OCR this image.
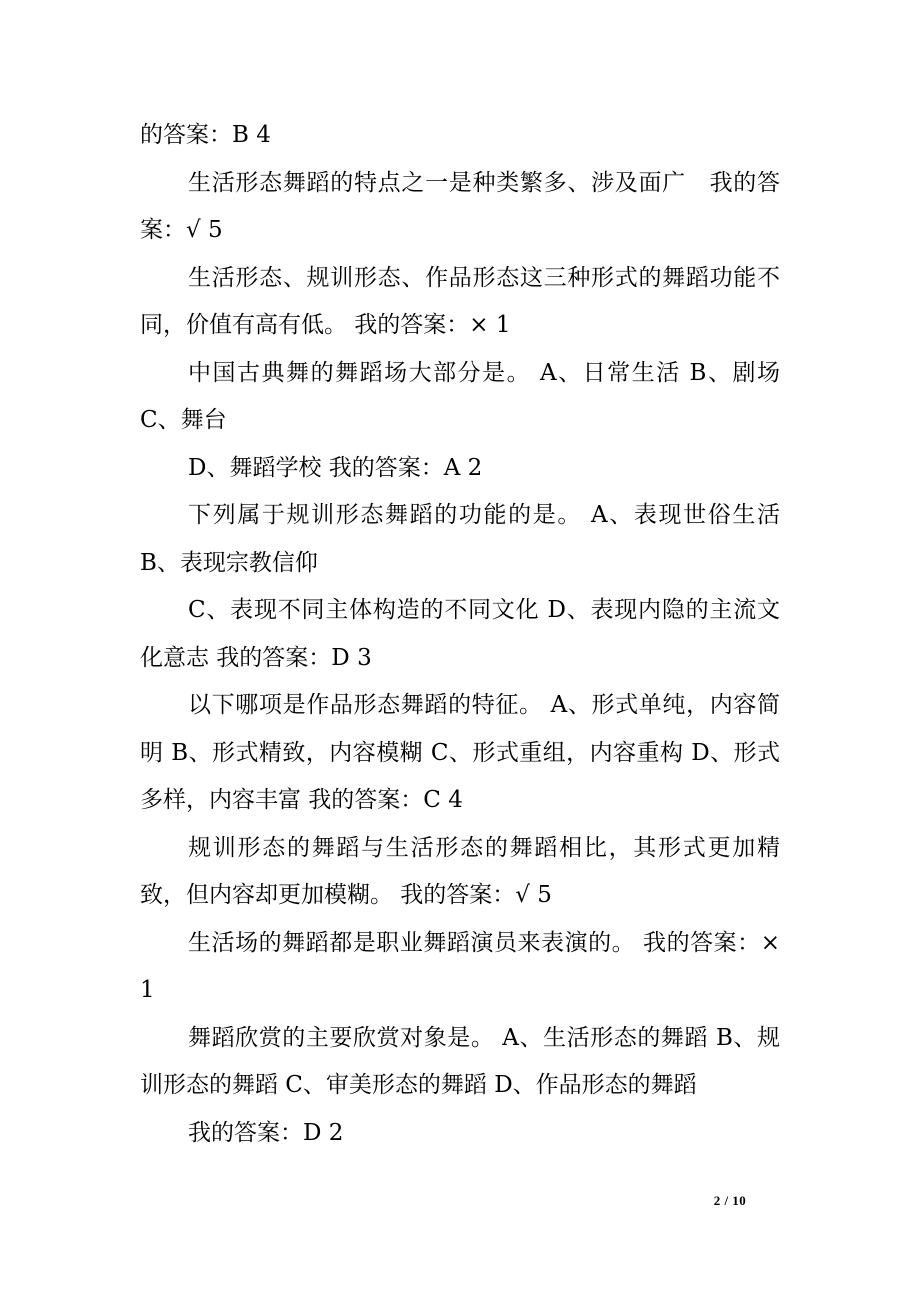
的答案：B 4

生活形态舞蹈的特点之一是种类繁多、涉及面广　我的答案：√ 5

生活形态、规训形态、作品形态这三种形式的舞蹈功能不同，价值有高有低。 我的答案：× 1

中国古典舞的舞蹈场大部分是。 A、日常生活 B、剧场 C、舞台

D、舞蹈学校 我的答案：A 2

下列属于规训形态舞蹈的功能的是。 A、表现世俗生活 B、表现宗教信仰

C、表现不同主体构造的不同文化 D、表现内隐的主流文化意志 我的答案：D 3

以下哪项是作品形态舞蹈的特征。 A、形式单纯，内容简明 B、形式精致，内容模糊 C、形式重组，内容重构 D、形式多样，内容丰富 我的答案：C 4

规训形态的舞蹈与生活形态的舞蹈相比，其形式更加精致，但内容却更加模糊。 我的答案：√ 5

生活场的舞蹈都是职业舞蹈演员来表演的。 我的答案：× 1

舞蹈欣赏的主要欣赏对象是。 A、生活形态的舞蹈 B、规训形态的舞蹈 C、审美形态的舞蹈 D、作品形态的舞蹈

我的答案：D 2

2 / 10
